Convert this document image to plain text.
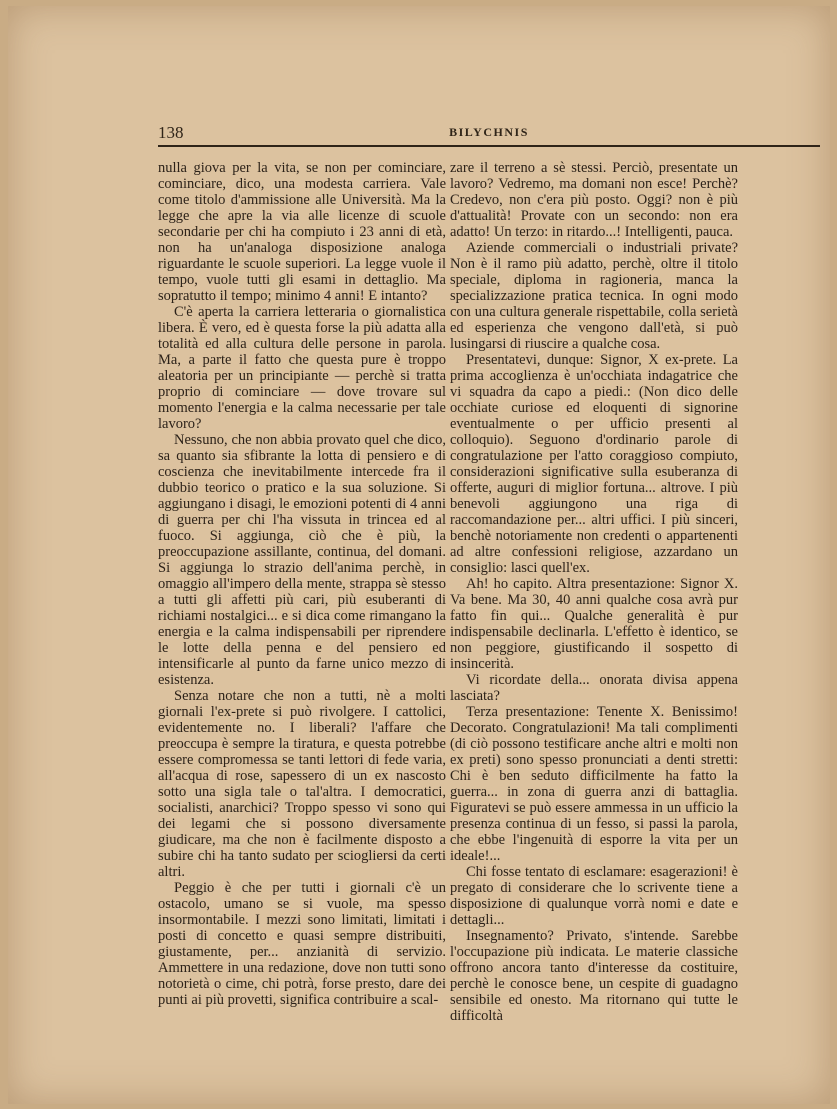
138	BILYCHNIS

nulla giova per la vita, se non per cominciare, cominciare, dico, una modesta carriera. Vale come titolo d'ammissione alle Università. Ma la legge che apre la via alle licenze di scuole secondarie per chi ha compiuto i 23 anni di età, non ha un'analoga disposizione analoga riguardante le scuole superiori. La legge vuole il tempo, vuole tutti gli esami in dettaglio. Ma sopratutto il tempo; minimo 4 anni! E intanto?

C'è aperta la carriera letteraria o giornalistica libera. È vero, ed è questa forse la più adatta alla totalità ed alla cultura delle persone in parola. Ma, a parte il fatto che questa pure è troppo aleatoria per un principiante — perchè si tratta proprio di cominciare — dove trovare sul momento l'energia e la calma necessarie per tale lavoro?

Nessuno, che non abbia provato quel che dico, sa quanto sia sfibrante la lotta di pensiero e di coscienza che inevitabilmente intercede fra il dubbio teorico o pratico e la sua soluzione. Si aggiungano i disagi, le emozioni potenti di 4 anni di guerra per chi l'ha vissuta in trincea ed al fuoco. Si aggiunga, ciò che è più, la preoccupazione assillante, continua, del domani. Si aggiunga lo strazio dell'anima perchè, in omaggio all'impero della mente, strappa sè stesso a tutti gli affetti più cari, più esuberanti di richiami nostalgici... e si dica come rimangano la energia e la calma indispensabili per riprendere le lotte della penna e del pensiero ed intensificarle al punto da farne unico mezzo di esistenza.

Senza notare che non a tutti, nè a molti giornali l'ex-prete si può rivolgere. I cattolici, evidentemente no. I liberali? l'affare che preoccupa è sempre la tiratura, e questa potrebbe essere compromessa se tanti lettori di fede varia, all'acqua di rose, sapessero di un ex nascosto sotto una sigla tale o tal'altra. I democratici, socialisti, anarchici? Troppo spesso vi sono qui dei legami che si possono diversamente giudicare, ma che non è facilmente disposto a subire chi ha tanto sudato per sciogliersi da certi altri.

Peggio è che per tutti i giornali c'è un ostacolo, umano se si vuole, ma spesso insormontabile. I mezzi sono limitati, limitati i posti di concetto e quasi sempre distribuiti, giustamente, per... anzianità di servizio. Ammettere in una redazione, dove non tutti sono notorietà o cime, chi potrà, forse presto, dare dei punti ai più provetti, significa contribuire a scal-

zare il terreno a sè stessi. Perciò, presentate un lavoro? Vedremo, ma domani non esce! Perchè? Credevo, non c'era più posto. Oggi? non è più d'attualità! Provate con un secondo: non era adatto! Un terzo: in ritardo...! Intelligenti, pauca.

Aziende commerciali o industriali private? Non è il ramo più adatto, perchè, oltre il titolo speciale, diploma in ragioneria, manca la specializzazione pratica tecnica. In ogni modo con una cultura generale rispettabile, colla serietà ed esperienza che vengono dall'età, si può lusingarsi di riuscire a qualche cosa.

Presentatevi, dunque: Signor, X ex-prete. La prima accoglienza è un'occhiata indagatrice che vi squadra da capo a piedi.: (Non dico delle occhiate curiose ed eloquenti di signorine eventualmente o per ufficio presenti al colloquio). Seguono d'ordinario parole di congratulazione per l'atto coraggioso compiuto, considerazioni significative sulla esuberanza di offerte, auguri di miglior fortuna... altrove. I più benevoli aggiungono una riga di raccomandazione per... altri uffici. I più sinceri, benchè notoriamente non credenti o appartenenti ad altre confessioni religiose, azzardano un consiglio: lasci quell'ex.

Ah! ho capito. Altra presentazione: Signor X. Va bene. Ma 30, 40 anni qualche cosa avrà pur fatto fin qui... Qualche generalità è pur indispensabile declinarla. L'effetto è identico, se non peggiore, giustificando il sospetto di insincerità.

Vi ricordate della... onorata divisa appena lasciata?

Terza presentazione: Tenente X. Benissimo! Decorato. Congratulazioni! Ma tali complimenti (di ciò possono testificare anche altri e molti non ex preti) sono spesso pronunciati a denti stretti: Chi è ben seduto difficilmente ha fatto la guerra... in zona di guerra anzi di battaglia. Figuratevi se può essere ammessa in un ufficio la presenza continua di un fesso, si passi la parola, che ebbe l'ingenuità di esporre la vita per un ideale!...

Chi fosse tentato di esclamare: esagerazioni! è pregato di considerare che lo scrivente tiene a disposizione di qualunque vorrà nomi e date e dettagli...

Insegnamento? Privato, s'intende. Sarebbe l'occupazione più indicata. Le materie classiche offrono ancora tanto d'interesse da costituire, perchè le conosce bene, un cespite di guadagno sensibile ed onesto. Ma ritornano qui tutte le difficoltà
